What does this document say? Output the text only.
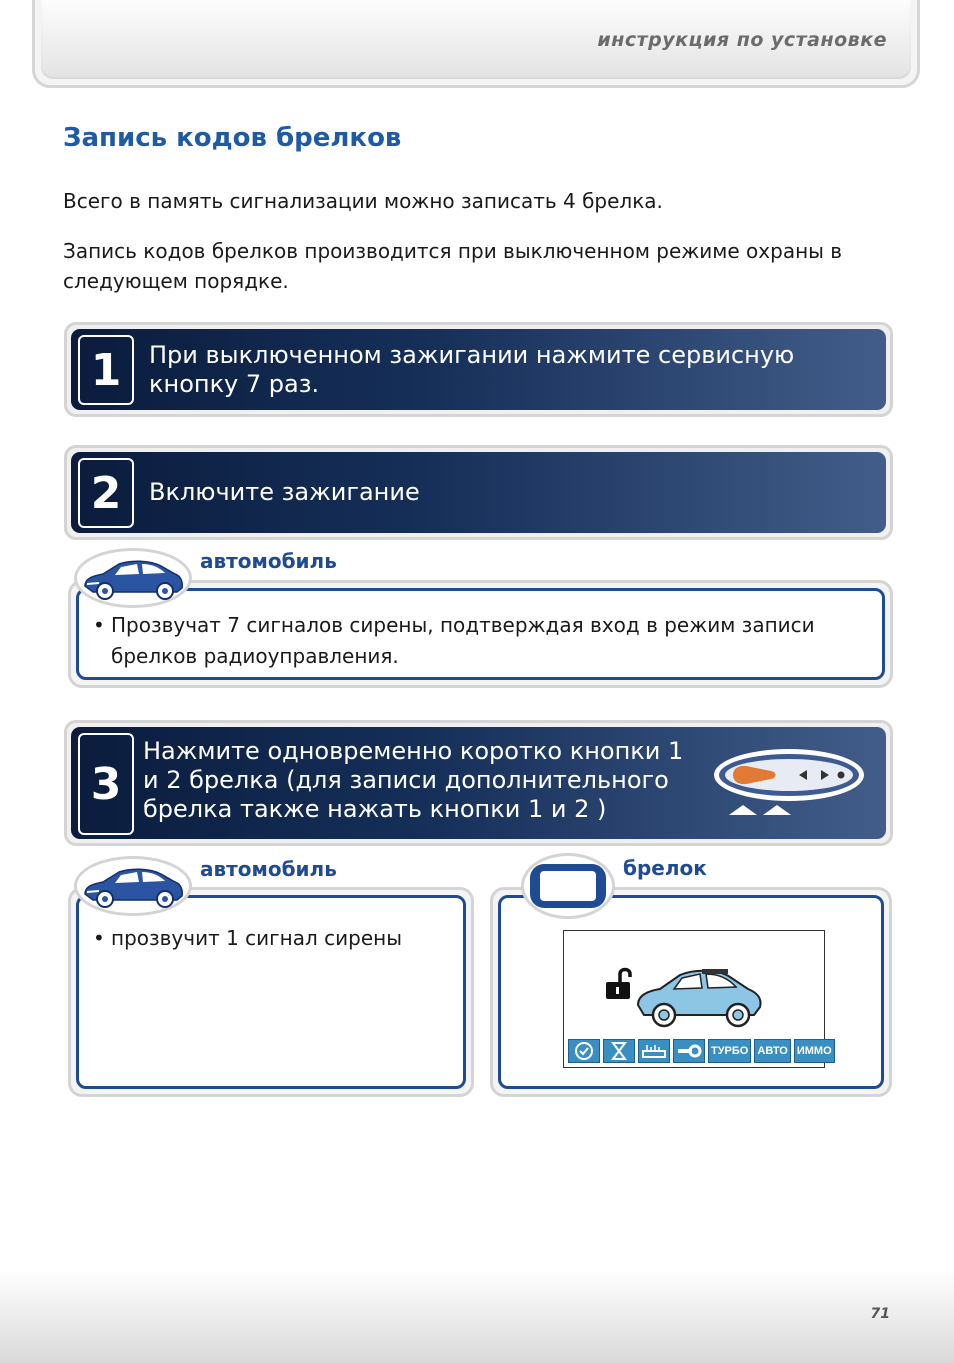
инструкция по установке
Запись кодов брелков
Всего в память сигнализации можно записать 4 брелка.
Запись кодов брелков производится при выключенном режиме охраны в следующем порядке.
1	При выключенном зажигании нажмите сервисную кнопку 7 раз.
2	Включите зажигание
• Прозвучат 7 сигналов сирены, подтверждая вход в режим записи брелков радиоуправления.
автомобиль
3
Нажмите одновременно коротко кнопки 1 и 2 брелка (для записи дополнительного брелка также нажать кнопки 1 и 2 )
• прозвучит 1 сигнал сирены
автомобиль	брелок
ТУРБО АВТО ИММО
71
